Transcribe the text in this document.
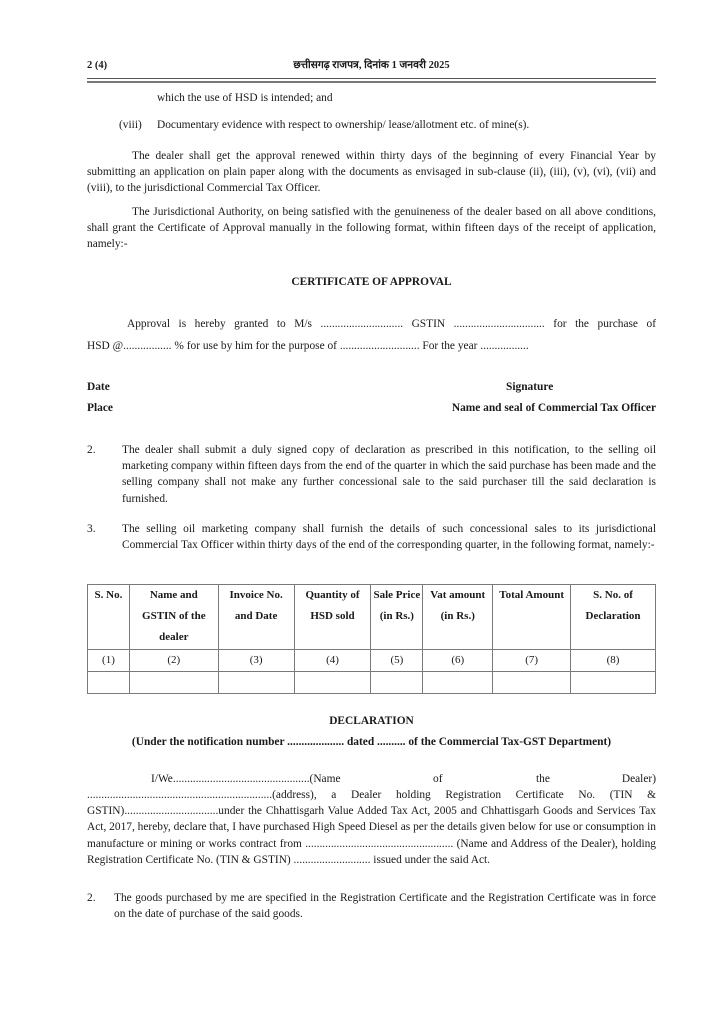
2 (4)	छत्तीसगढ़ राजपत्र, दिनांक 1 जनवरी 2025
which the use of HSD is intended; and
(viii) Documentary evidence with respect to ownership/ lease/allotment etc. of mine(s).
The dealer shall get the approval renewed within thirty days of the beginning of every Financial Year by submitting an application on plain paper along with the documents as envisaged in sub-clause (ii), (iii), (v), (vi), (vii) and (viii), to the jurisdictional Commercial Tax Officer.
The Jurisdictional Authority, on being satisfied with the genuineness of the dealer based on all above conditions, shall grant the Certificate of Approval manually in the following format, within fifteen days of the receipt of application, namely:-
CERTIFICATE OF APPROVAL
Approval is hereby granted to M/s ............................. GSTIN ................................ for the purchase of
HSD @................. % for use by him for the purpose of ............................ For the year .................
Date
Place
Signature
Name and seal of Commercial Tax Officer
2. The dealer shall submit a duly signed copy of declaration as prescribed in this notification, to the selling oil marketing company within fifteen days from the end of the quarter in which the said purchase has been made and the selling company shall not make any further concessional sale to the said purchaser till the said declaration is furnished.
3. The selling oil marketing company shall furnish the details of such concessional sales to its jurisdictional Commercial Tax Officer within thirty days of the end of the corresponding quarter, in the following format, namely:-
S. No.	Name and GSTIN of the dealer	Invoice No. and Date	Quantity of HSD sold	Sale Price (in Rs.)	Vat amount (in Rs.)	Total Amount	S. No. of Declaration
(1)	(2)	(3)	(4)	(5)	(6)	(7)	(8)

DECLARATION
(Under the notification number .................... dated .......... of the Commercial Tax-GST Department)
I/We................................................(Name	of	the	Dealer)
.................................................................(address), a Dealer holding Registration Certificate No. (TIN & GSTIN).................................under the Chhattisgarh Value Added Tax Act, 2005 and Chhattisgarh Goods and Services Tax Act, 2017, hereby, declare that, I have purchased High Speed Diesel as per the details given below for use or consumption in manufacture or mining or works contract from .................................................... (Name and Address of the Dealer), holding Registration Certificate No. (TIN & GSTIN) ........................... issued under the said Act.
2. The goods purchased by me are specified in the Registration Certificate and the Registration Certificate was in force on the date of purchase of the said goods.
